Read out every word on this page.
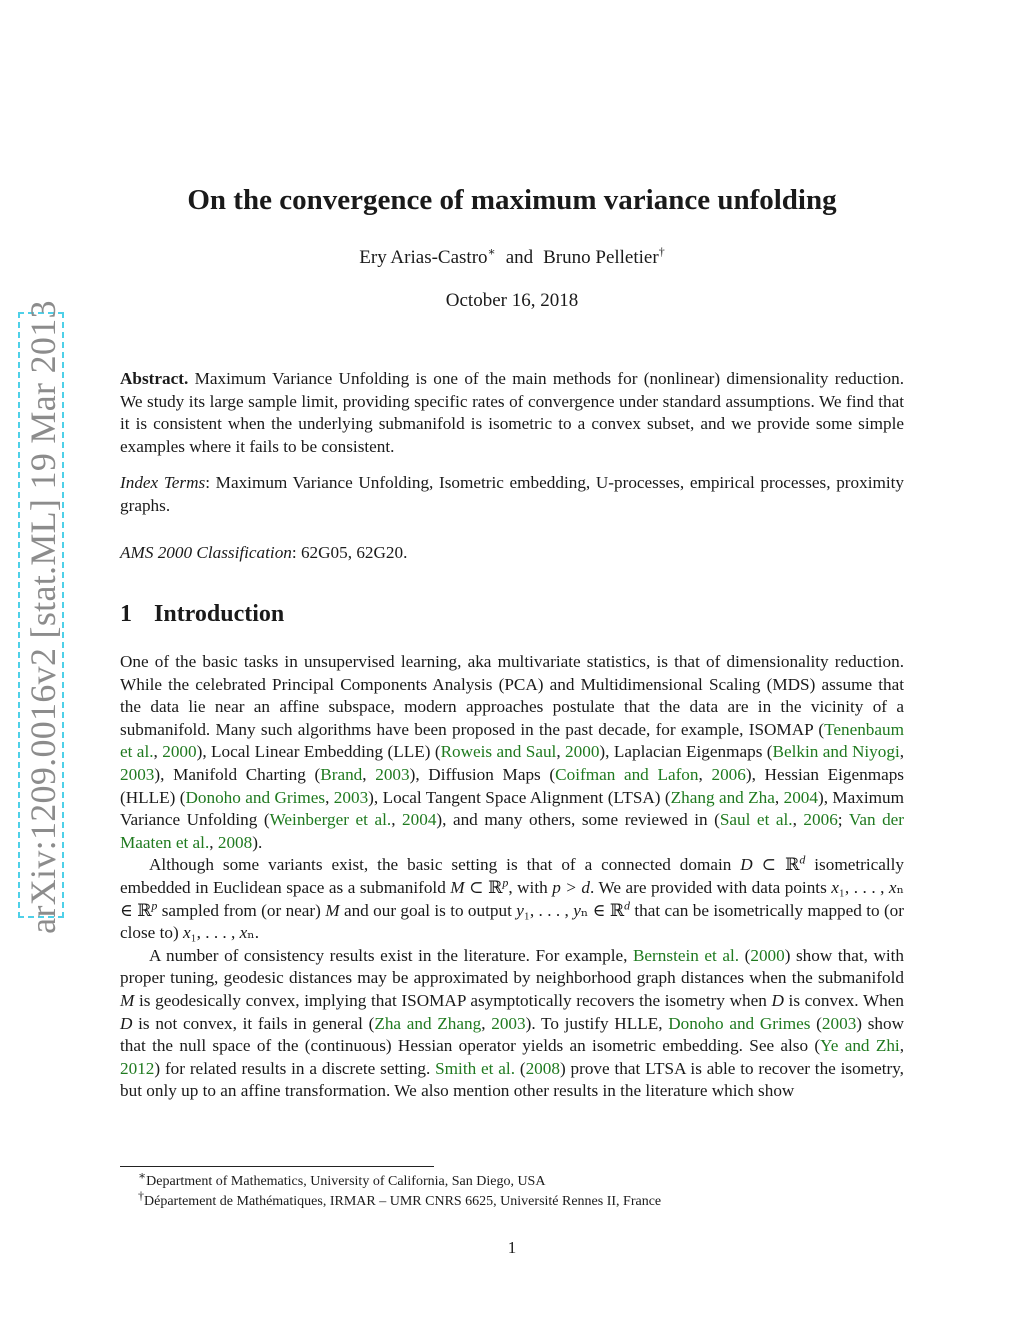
arXiv:1209.0016v2 [stat.ML] 19 Mar 2013
On the convergence of maximum variance unfolding
Ery Arias-Castro∗ and Bruno Pelletier†
October 16, 2018
Abstract. Maximum Variance Unfolding is one of the main methods for (nonlinear) dimensionality reduction. We study its large sample limit, providing specific rates of convergence under standard assumptions. We find that it is consistent when the underlying submanifold is isometric to a convex subset, and we provide some simple examples where it fails to be consistent.
Index Terms: Maximum Variance Unfolding, Isometric embedding, U-processes, empirical processes, proximity graphs.
AMS 2000 Classification: 62G05, 62G20.
1 Introduction

One of the basic tasks in unsupervised learning, aka multivariate statistics, is that of dimensionality reduction. While the celebrated Principal Components Analysis (PCA) and Multidimensional Scaling (MDS) assume that the data lie near an affine subspace, modern approaches postulate that the data are in the vicinity of a submanifold. Many such algorithms have been proposed in the past decade, for example, ISOMAP (Tenenbaum et al., 2000), Local Linear Embedding (LLE) (Roweis and Saul, 2000), Laplacian Eigenmaps (Belkin and Niyogi, 2003), Manifold Charting (Brand, 2003), Diffusion Maps (Coifman and Lafon, 2006), Hessian Eigenmaps (HLLE) (Donoho and Grimes, 2003), Local Tangent Space Alignment (LTSA) (Zhang and Zha, 2004), Maximum Variance Unfolding (Weinberger et al., 2004), and many others, some reviewed in (Saul et al., 2006; Van der Maaten et al., 2008).

Although some variants exist, the basic setting is that of a connected domain D ⊂ ℝ$^d$ isometrically embedded in Euclidean space as a submanifold M ⊂ ℝ$^p$, with p > d. We are provided with data points x₁, . . . , xₙ ∈ ℝ$^p$ sampled from (or near) M and our goal is to output y₁, . . . , yₙ ∈ ℝ$^d$ that can be isometrically mapped to (or close to) x₁, . . . , xₙ.

A number of consistency results exist in the literature. For example, Bernstein et al. (2000) show that, with proper tuning, geodesic distances may be approximated by neighborhood graph distances when the submanifold M is geodesically convex, implying that ISOMAP asymptotically recovers the isometry when D is convex. When D is not convex, it fails in general (Zha and Zhang, 2003). To justify HLLE, Donoho and Grimes (2003) show that the null space of the (continuous) Hessian operator yields an isometric embedding. See also (Ye and Zhi, 2012) for related results in a discrete setting. Smith et al. (2008) prove that LTSA is able to recover the isometry, but only up to an affine transformation. We also mention other results in the literature which show

∗Department of Mathematics, University of California, San Diego, USA
†Département de Mathématiques, IRMAR – UMR CNRS 6625, Université Rennes II, France
1
